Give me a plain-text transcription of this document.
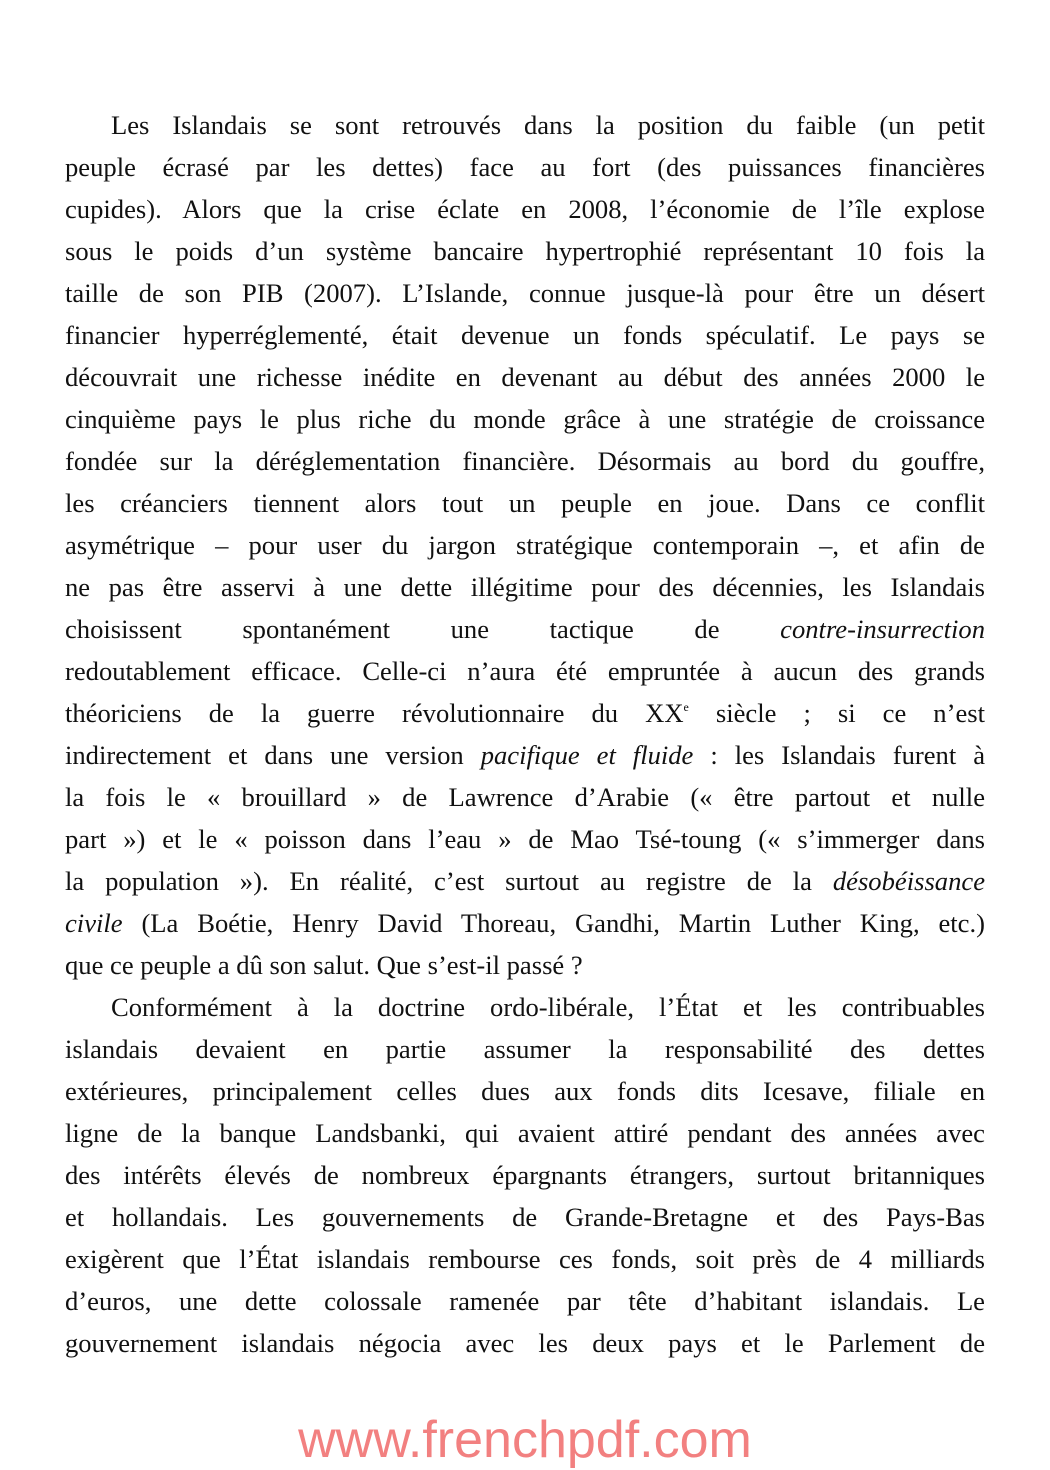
Les Islandais se sont retrouvés dans la position du faible (un petit
peuple écrasé par les dettes) face au fort (des puissances financières
cupides). Alors que la crise éclate en 2008, l’économie de l’île explose
sous le poids d’un système bancaire hypertrophié représentant 10 fois la
taille de son PIB (2007). L’Islande, connue jusque-là pour être un désert
financier hyperréglementé, était devenue un fonds spéculatif. Le pays se
découvrait une richesse inédite en devenant au début des années 2000 le
cinquième pays le plus riche du monde grâce à une stratégie de croissance
fondée sur la déréglementation financière. Désormais au bord du gouffre,
les créanciers tiennent alors tout un peuple en joue. Dans ce conflit
asymétrique – pour user du jargon stratégique contemporain –, et afin de
ne pas être asservi à une dette illégitime pour des décennies, les Islandais
choisissent spontanément une tactique de contre-insurrection
redoutablement efficace. Celle-ci n’aura été empruntée à aucun des grands
théoriciens de la guerre révolutionnaire du XXe siècle ; si ce n’est
indirectement et dans une version pacifique et fluide : les Islandais furent à
la fois le « brouillard » de Lawrence d’Arabie (« être partout et nulle
part ») et le « poisson dans l’eau » de Mao Tsé-toung (« s’immerger dans
la population »). En réalité, c’est surtout au registre de la désobéissance
civile (La Boétie, Henry David Thoreau, Gandhi, Martin Luther King, etc.)
que ce peuple a dû son salut. Que s’est-il passé ?
Conformément à la doctrine ordo-libérale, l’État et les contribuables
islandais devaient en partie assumer la responsabilité des dettes
extérieures, principalement celles dues aux fonds dits Icesave, filiale en
ligne de la banque Landsbanki, qui avaient attiré pendant des années avec
des intérêts élevés de nombreux épargnants étrangers, surtout britanniques
et hollandais. Les gouvernements de Grande-Bretagne et des Pays-Bas
exigèrent que l’État islandais rembourse ces fonds, soit près de 4 milliards
d’euros, une dette colossale ramenée par tête d’habitant islandais. Le
gouvernement islandais négocia avec les deux pays et le Parlement de
www.frenchpdf.com
